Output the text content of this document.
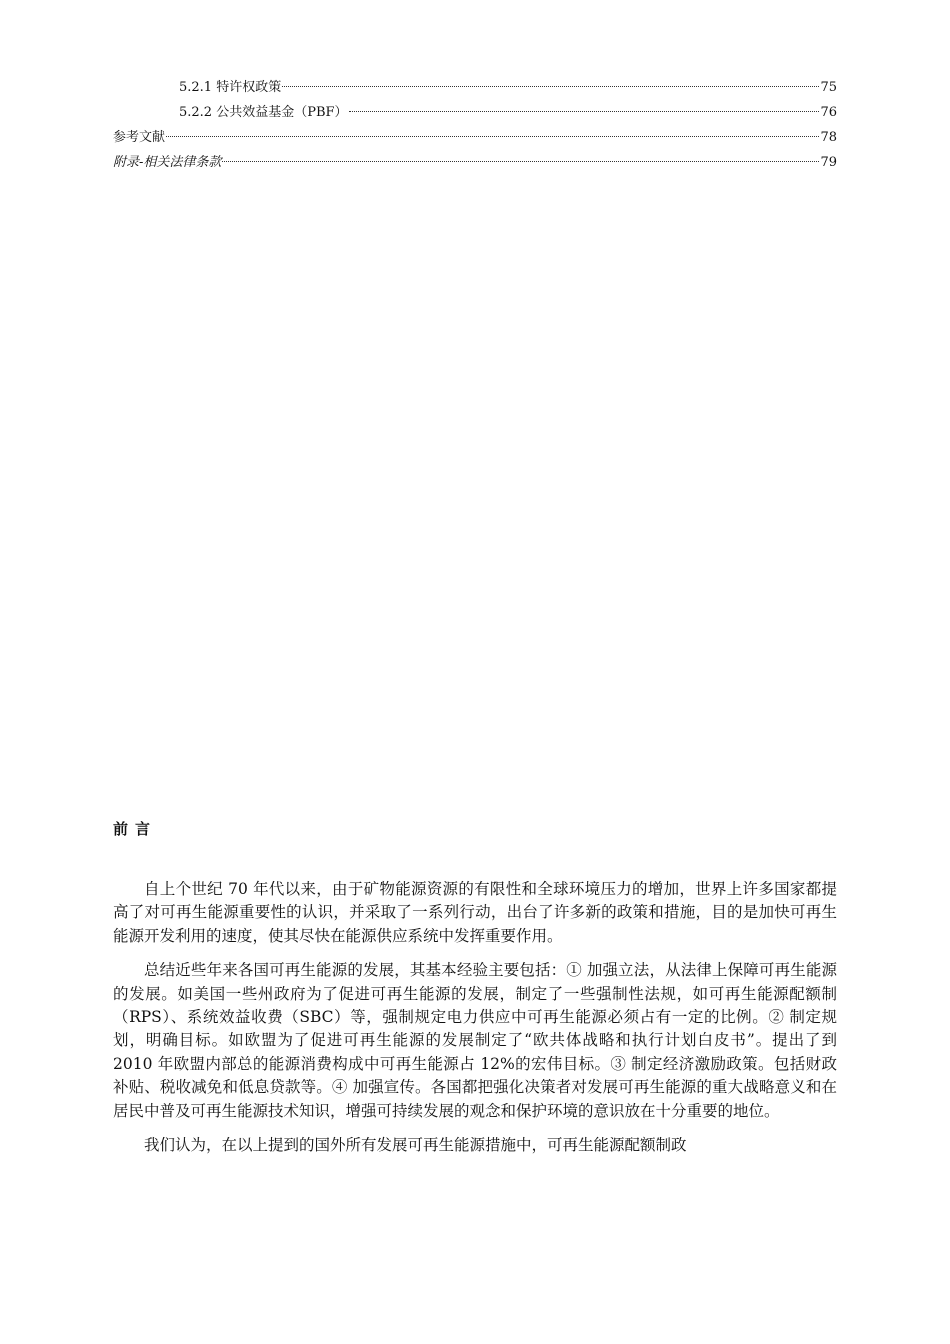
5.2.1 特许权政策	75
5.2.2 公共效益基金（PBF）	76
参考文献	78
附录-相关法律条款	79
前言

自上个世纪 70 年代以来，由于矿物能源资源的有限性和全球环境压力的增加，世界上许多国家都提高了对可再生能源重要性的认识，并采取了一系列行动，出台了许多新的政策和措施，目的是加快可再生能源开发利用的速度，使其尽快在能源供应系统中发挥重要作用。

总结近些年来各国可再生能源的发展，其基本经验主要包括：➀ 加强立法，从法律上保障可再生能源的发展。如美国一些州政府为了促进可再生能源的发展，制定了一些强制性法规，如可再生能源配额制（RPS）、系统效益收费（SBC）等，强制规定电力供应中可再生能源必须占有一定的比例。➁ 制定规划，明确目标。如欧盟为了促进可再生能源的发展制定了“欧共体战略和执行计划白皮书”。提出了到 2010 年欧盟内部总的能源消费构成中可再生能源占 12%的宏伟目标。➂ 制定经济激励政策。包括财政补贴、税收减免和低息贷款等。➃ 加强宣传。各国都把强化决策者对发展可再生能源的重大战略意义和在居民中普及可再生能源技术知识，增强可持续发展的观念和保护环境的意识放在十分重要的地位。

我们认为，在以上提到的国外所有发展可再生能源措施中，可再生能源配额制政
